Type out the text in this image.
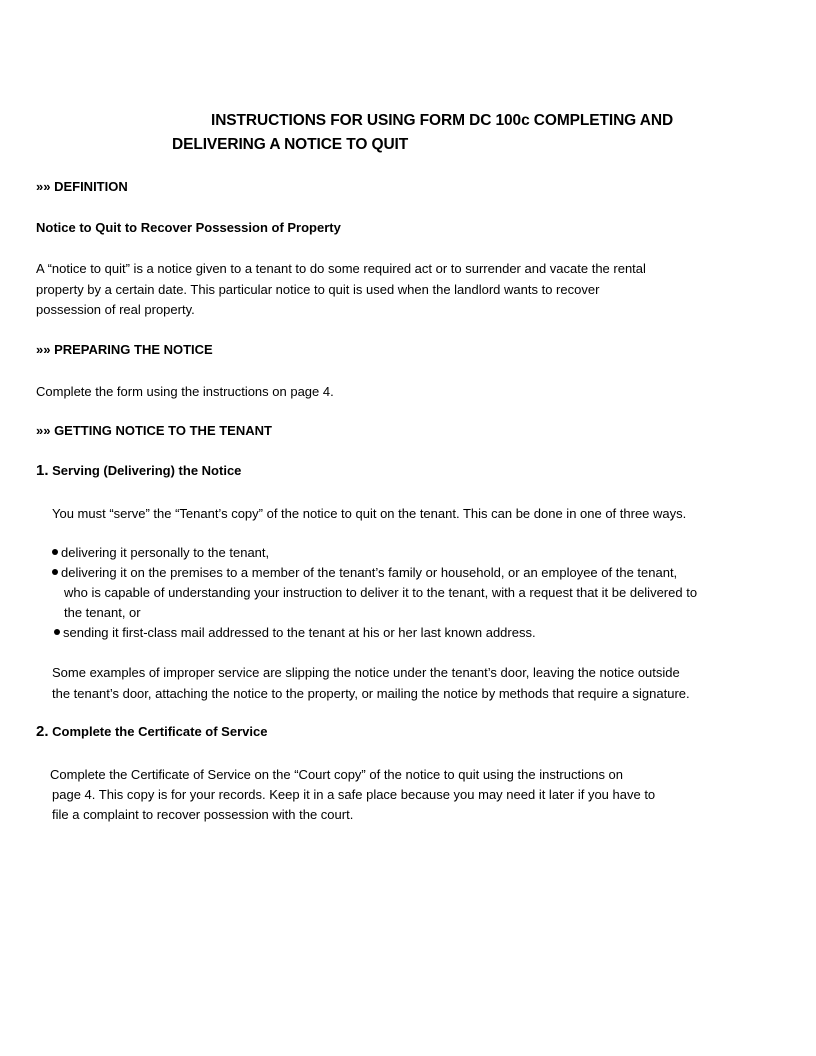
INSTRUCTIONS FOR USING FORM DC 100c COMPLETING AND
DELIVERING A NOTICE TO QUIT
»» DEFINITION
Notice to Quit to Recover Possession of Property
A “notice to quit” is a notice given to a tenant to do some required act or to surrender and vacate the rental
property by a certain date. This particular notice to quit is used when the landlord wants to recover
possession of real property.
»» PREPARING THE NOTICE
Complete the form using the instructions on page 4.
»» GETTING NOTICE TO THE TENANT
1. Serving (Delivering) the Notice
You must “serve” the “Tenant’s copy” of the notice to quit on the tenant. This can be done in one of three ways.
delivering it personally to the tenant,
delivering it on the premises to a member of the tenant’s family or household, or an employee of the tenant,
who is capable of understanding your instruction to deliver it to the tenant, with a request that it be delivered to
the tenant, or
sending it first-class mail addressed to the tenant at his or her last known address.
Some examples of improper service are slipping the notice under the tenant’s door, leaving the notice outside
the tenant’s door, attaching the notice to the property, or mailing the notice by methods that require a signature.
2. Complete the Certificate of Service
Complete the Certificate of Service on the “Court copy” of the notice to quit using the instructions on
page 4. This copy is for your records. Keep it in a safe place because you may need it later if you have to
file a complaint to recover possession with the court.
